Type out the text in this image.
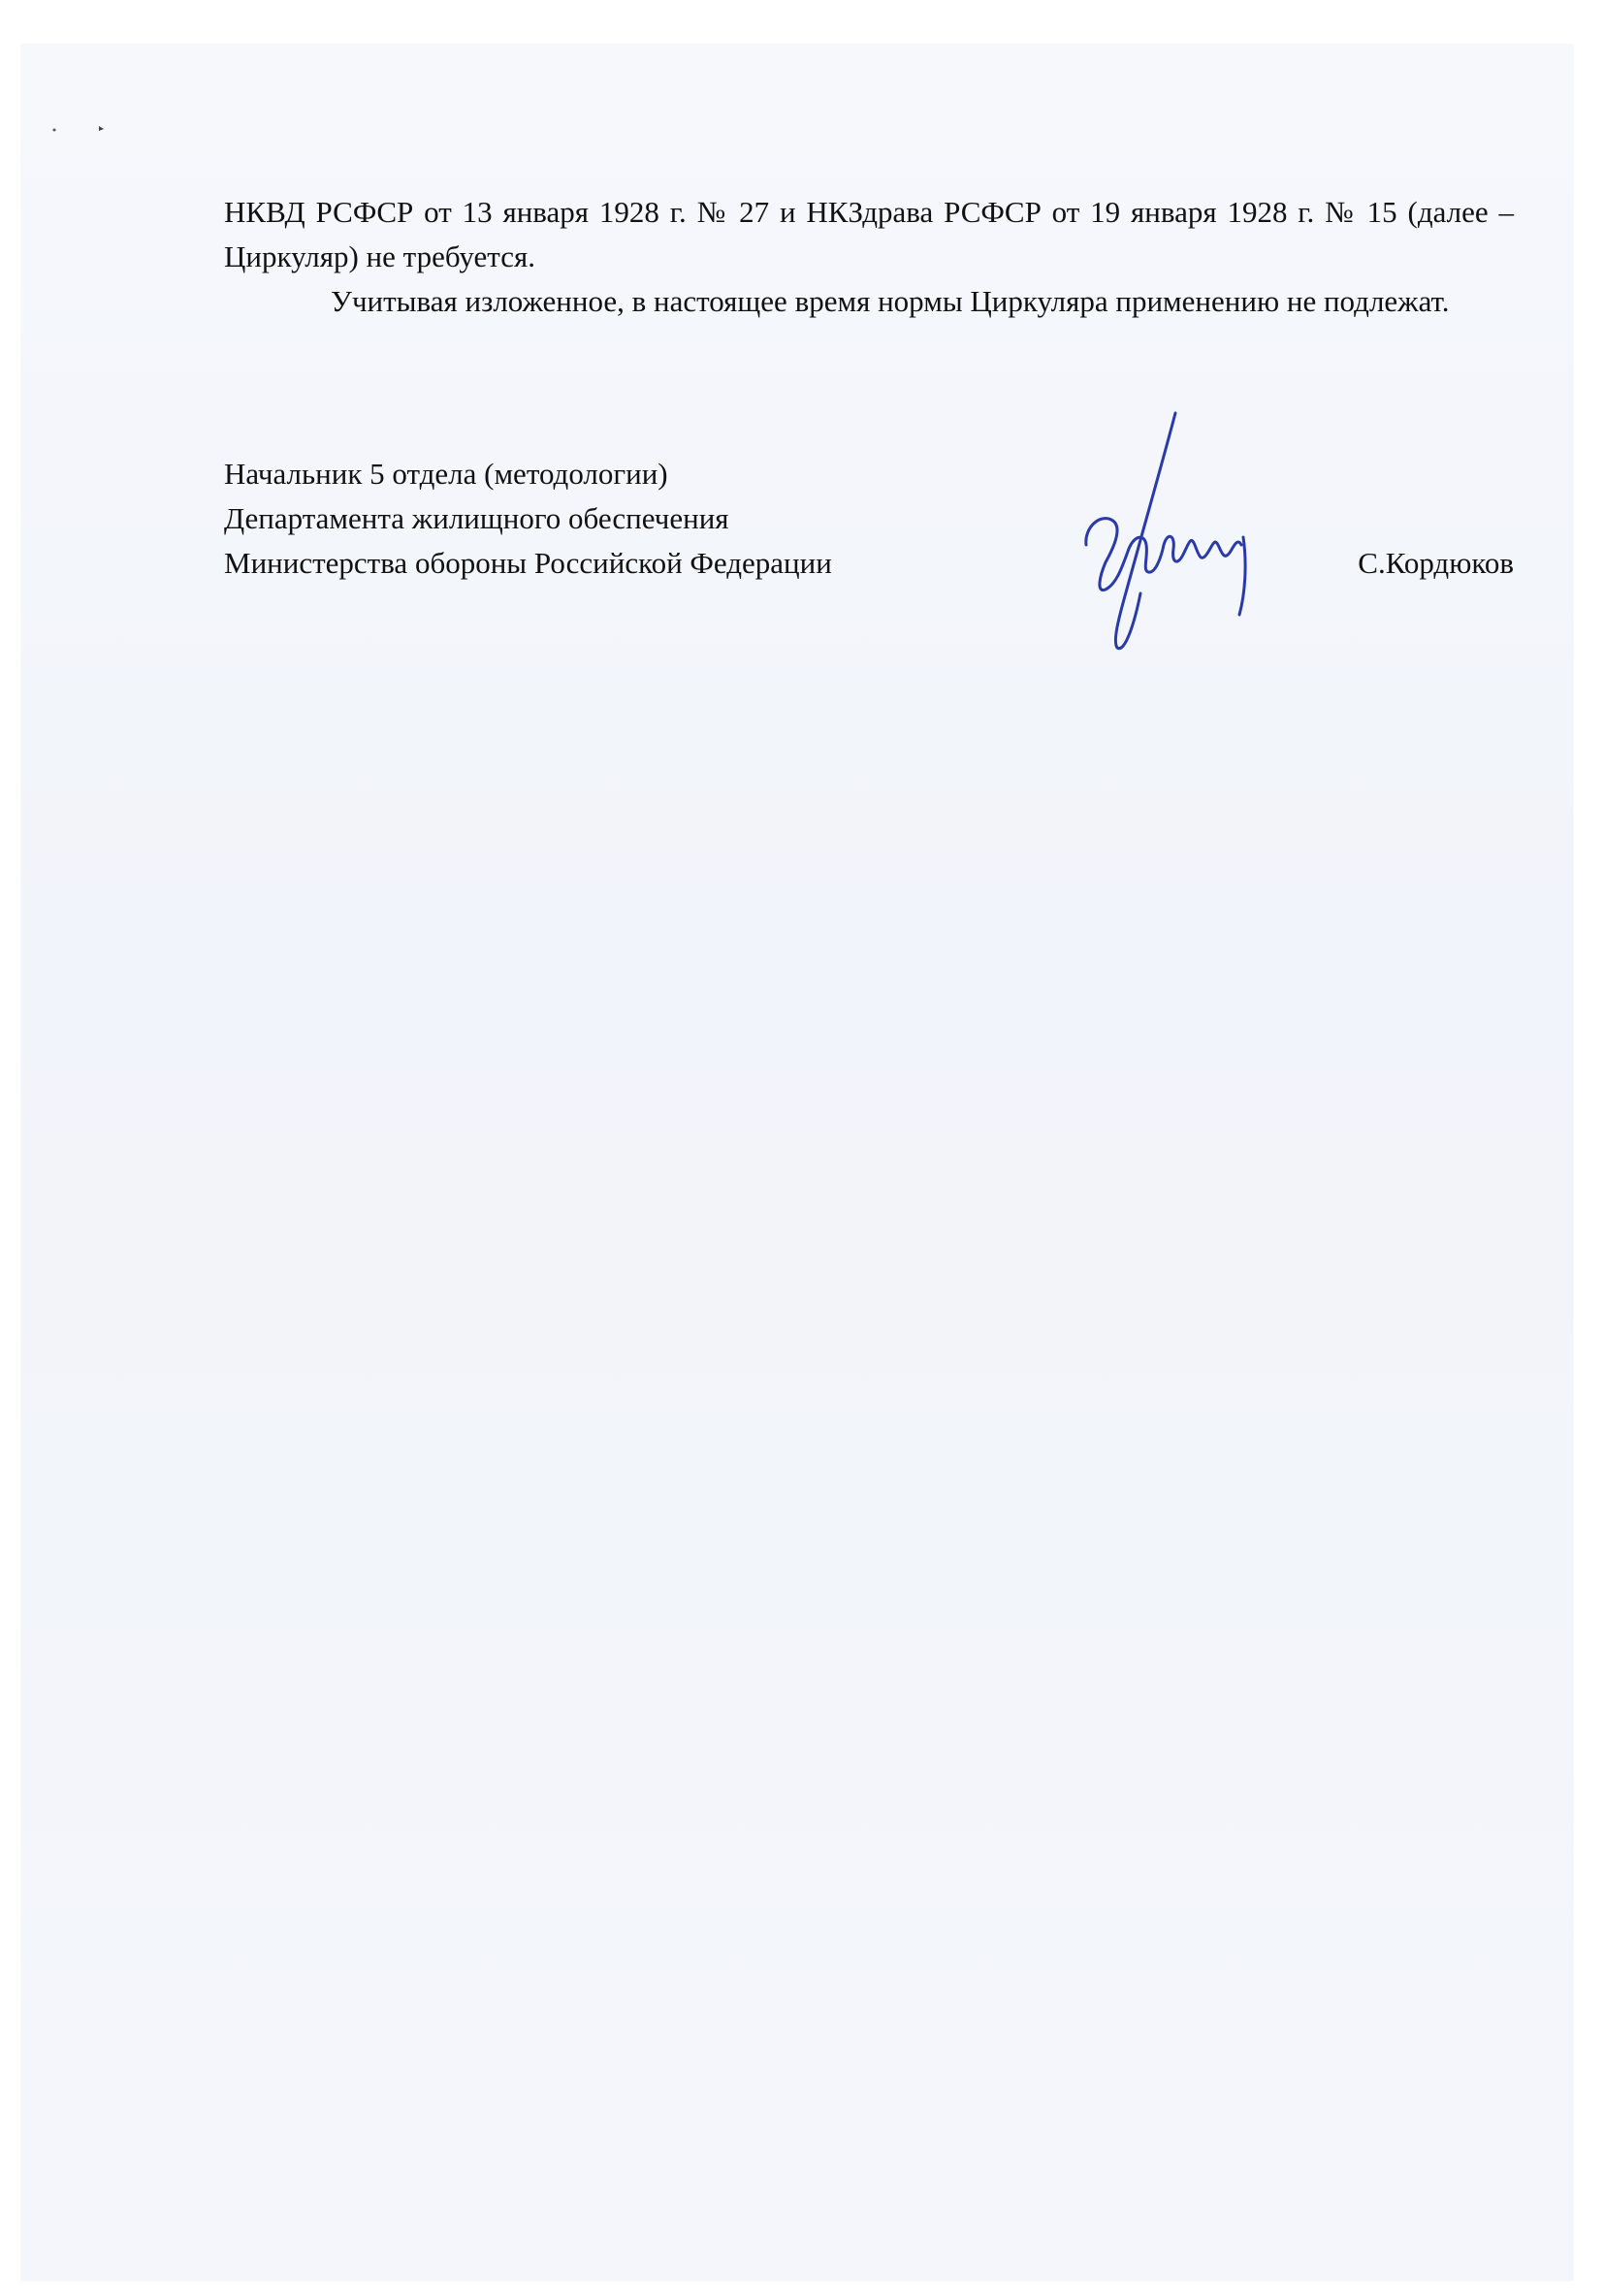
НКВД РСФСР от 13 января 1928 г. № 27 и НКЗдрава РСФСР от 19 января 1928 г. № 15 (далее – Циркуляр) не требуется.

Учитывая изложенное, в настоящее время нормы Циркуляра применению не подлежат.

Начальник 5 отдела (методологии)
Департамента жилищного обеспечения
Министерства обороны Российской Федерации	С.Кордюков
